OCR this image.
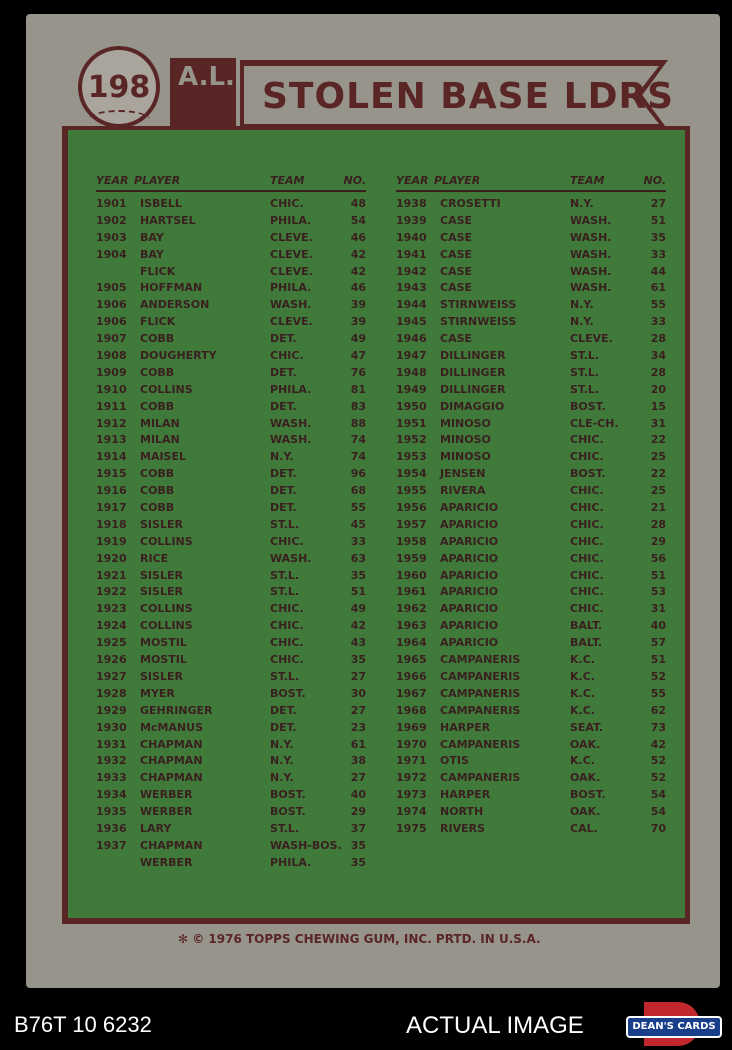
198	A.L. STOLEN BASE LDRS
YEAR PLAYER	TEAM	NO.
1901 ISBELL	CHIC.	48
1902 HARTSEL	PHILA.	54
1903 BAY	CLEVE.	46
1904 BAY	CLEVE.	42
FLICK	CLEVE.	42
1905 HOFFMAN	PHILA.	46
1906 ANDERSON	WASH.	39
1906 FLICK	CLEVE.	39
1907 COBB	DET.	49
1908 DOUGHERTY	CHIC.	47
1909 COBB	DET.	76
1910 COLLINS	PHILA.	81
1911 COBB	DET.	83
1912 MILAN	WASH.	88
1913 MILAN	WASH.	74
1914 MAISEL	N.Y.	74
1915 COBB	DET.	96
1916 COBB	DET.	68
1917 COBB	DET.	55
1918 SISLER	ST.L.	45
1919 COLLINS	CHIC.	33
1920 RICE	WASH.	63
1921 SISLER	ST.L.	35
1922 SISLER	ST.L.	51
1923 COLLINS	CHIC.	49
1924 COLLINS	CHIC.	42
1925 MOSTIL	CHIC.	43
1926 MOSTIL	CHIC.	35
1927 SISLER	ST.L.	27
1928 MYER	BOST.	30
1929 GEHRINGER	DET.	27
1930 McMANUS	DET.	23
1931 CHAPMAN	N.Y.	61
1932 CHAPMAN	N.Y.	38
1933 CHAPMAN	N.Y.	27
1934 WERBER	BOST.	40
1935 WERBER	BOST.	29
1936 LARY	ST.L.	37
1937 CHAPMAN	WASH-BOS. 35
WERBER	PHILA.	35
YEAR PLAYER	TEAM	NO.
1938 CROSETTI	N.Y.	27
1939 CASE	WASH.	51
1940 CASE	WASH.	35
1941 CASE	WASH.	33
1942 CASE	WASH.	44
1943 CASE	WASH.	61
1944 STIRNWEISS	N.Y.	55
1945 STIRNWEISS	N.Y.	33
1946 CASE	CLEVE.	28
1947 DILLINGER	ST.L.	34
1948 DILLINGER	ST.L.	28
1949 DILLINGER	ST.L.	20
1950 DIMAGGIO	BOST.	15
1951 MINOSO	CLE-CH.	31
1952 MINOSO	CHIC.	22
1953 MINOSO	CHIC.	25
1954 JENSEN	BOST.	22
1955 RIVERA	CHIC.	25
1956 APARICIO	CHIC.	21
1957 APARICIO	CHIC.	28
1958 APARICIO	CHIC.	29
1959 APARICIO	CHIC.	56
1960 APARICIO	CHIC.	51
1961 APARICIO	CHIC.	53
1962 APARICIO	CHIC.	31
1963 APARICIO	BALT.	40
1964 APARICIO	BALT.	57
1965 CAMPANERIS	K.C.	51
1966 CAMPANERIS	K.C.	52
1967 CAMPANERIS	K.C.	55
1968 CAMPANERIS	K.C.	62
1969 HARPER	SEAT.	73
1970 CAMPANERIS	OAK.	42
1971 OTIS	K.C.	52
1972 CAMPANERIS	OAK.	52
1973 HARPER	BOST.	54
1974 NORTH	OAK.	54
1975 RIVERS	CAL.	70
✻ © 1976 TOPPS CHEWING GUM, INC. PRTD. IN U.S.A.
B76T 10 6232	ACTUAL IMAGE	DEAN'S CARDS
